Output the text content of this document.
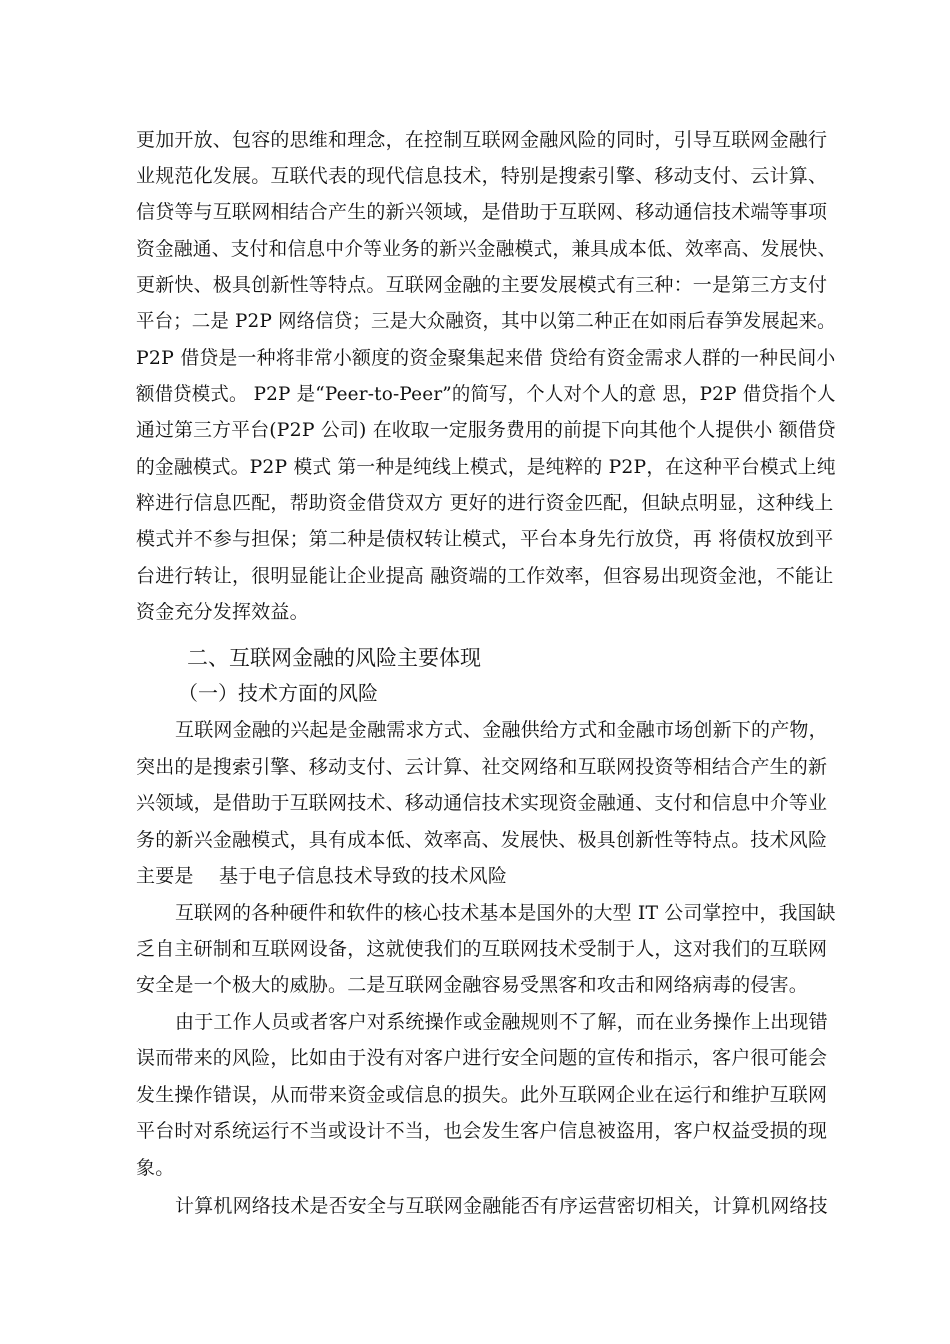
更加开放、包容的思维和理念，在控制互联网金融风险的同时，引导互联网金融行
业规范化发展。互联代表的现代信息技术，特别是搜索引擎、移动支付、云计算、
信贷等与互联网相结合产生的新兴领域，是借助于互联网、移动通信技术端等事项
资金融通、支付和信息中介等业务的新兴金融模式，兼具成本低、效率高、发展快、
更新快、极具创新性等特点。互联网金融的主要发展模式有三种：一是第三方支付
平台；二是 P2P 网络信贷；三是大众融资，其中以第二种正在如雨后春笋发展起来。
P2P 借贷是一种将非常小额度的资金聚集起来借 贷给有资金需求人群的一种民间小
额借贷模式。 P2P 是“Peer-to-Peer”的简写，个人对个人的意 思，P2P 借贷指个人
通过第三方平台(P2P 公司) 在收取一定服务费用的前提下向其他个人提供小 额借贷
的金融模式。P2P 模式 第一种是纯线上模式，是纯粹的 P2P，在这种平台模式上纯
粹进行信息匹配，帮助资金借贷双方 更好的进行资金匹配，但缺点明显，这种线上
模式并不参与担保；第二种是债权转让模式，平台本身先行放贷，再 将债权放到平
台进行转让，很明显能让企业提高 融资端的工作效率，但容易出现资金池，不能让
资金充分发挥效益。
二、互联网金融的风险主要体现
（一）技术方面的风险
互联网金融的兴起是金融需求方式、金融供给方式和金融市场创新下的产物，
突出的是搜索引擎、移动支付、云计算、社交网络和互联网投资等相结合产生的新
兴领域，是借助于互联网技术、移动通信技术实现资金融通、支付和信息中介等业
务的新兴金融模式，具有成本低、效率高、发展快、极具创新性等特点。技术风险
主要是　 基于电子信息技术导致的技术风险
互联网的各种硬件和软件的核心技术基本是国外的大型 IT 公司掌控中，我国缺
乏自主研制和互联网设备，这就使我们的互联网技术受制于人，这对我们的互联网
安全是一个极大的威胁。二是互联网金融容易受黑客和攻击和网络病毒的侵害。
由于工作人员或者客户对系统操作或金融规则不了解，而在业务操作上出现错
误而带来的风险，比如由于没有对客户进行安全问题的宣传和指示，客户很可能会
发生操作错误，从而带来资金或信息的损失。此外互联网企业在运行和维护互联网
平台时对系统运行不当或设计不当，也会发生客户信息被盗用，客户权益受损的现
象。
计算机网络技术是否安全与互联网金融能否有序运营密切相关，计算机网络技
